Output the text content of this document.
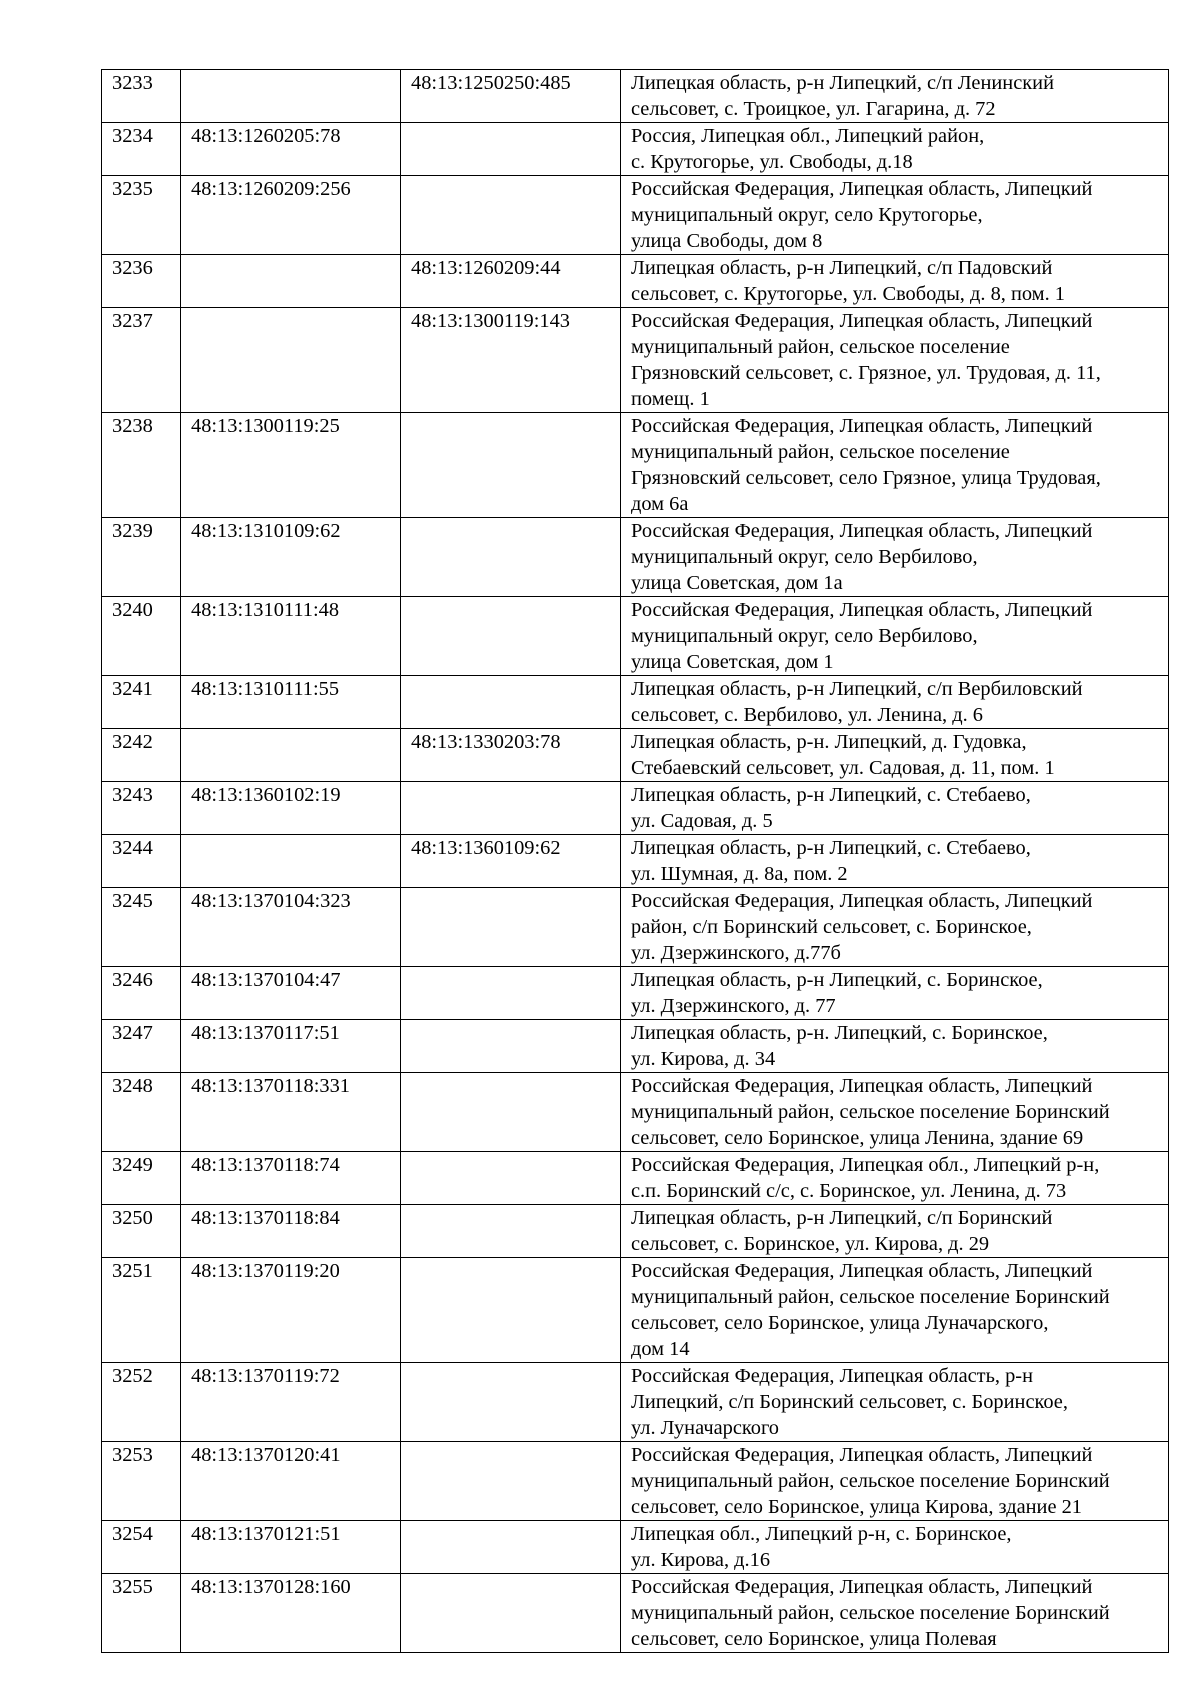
3233		48:13:1250250:485	Липецкая область, р-н Липецкий, с/п Ленинский
сельсовет, с. Троицкое, ул. Гагарина, д. 72
3234	48:13:1260205:78		Россия, Липецкая обл., Липецкий район,
с. Крутогорье, ул. Свободы, д.18
3235	48:13:1260209:256		Российская Федерация, Липецкая область, Липецкий
муниципальный округ, село Крутогорье,
улица Свободы, дом 8
3236		48:13:1260209:44	Липецкая область, р-н Липецкий, с/п Падовский
сельсовет, с. Крутогорье, ул. Свободы, д. 8, пом. 1
3237		48:13:1300119:143	Российская Федерация, Липецкая область, Липецкий
муниципальный район, сельское поселение
Грязновский сельсовет, с. Грязное, ул. Трудовая, д. 11,
помещ. 1
3238	48:13:1300119:25		Российская Федерация, Липецкая область, Липецкий
муниципальный район, сельское поселение
Грязновский сельсовет, село Грязное, улица Трудовая,
дом 6а
3239	48:13:1310109:62		Российская Федерация, Липецкая область, Липецкий
муниципальный округ, село Вербилово,
улица Советская, дом 1а
3240	48:13:1310111:48		Российская Федерация, Липецкая область, Липецкий
муниципальный округ, село Вербилово,
улица Советская, дом 1
3241	48:13:1310111:55		Липецкая область, р-н Липецкий, с/п Вербиловский
сельсовет, с. Вербилово, ул. Ленина, д. 6
3242		48:13:1330203:78	Липецкая область, р-н. Липецкий, д. Гудовка,
Стебаевский сельсовет, ул. Садовая, д. 11, пом. 1
3243	48:13:1360102:19		Липецкая область, р-н Липецкий, с. Стебаево,
ул. Садовая, д. 5
3244		48:13:1360109:62	Липецкая область, р-н Липецкий, с. Стебаево,
ул. Шумная, д. 8а, пом. 2
3245	48:13:1370104:323		Российская Федерация, Липецкая область, Липецкий
район, с/п Боринский сельсовет, с. Боринское,
ул. Дзержинского, д.77б
3246	48:13:1370104:47		Липецкая область, р-н Липецкий, с. Боринское,
ул. Дзержинского, д. 77
3247	48:13:1370117:51		Липецкая область, р-н. Липецкий, с. Боринское,
ул. Кирова, д. 34
3248	48:13:1370118:331		Российская Федерация, Липецкая область, Липецкий
муниципальный район, сельское поселение Боринский
сельсовет, село Боринское, улица Ленина, здание 69
3249	48:13:1370118:74		Российская Федерация, Липецкая обл., Липецкий р-н,
с.п. Боринский с/с, с. Боринское, ул. Ленина, д. 73
3250	48:13:1370118:84		Липецкая область, р-н Липецкий, с/п Боринский
сельсовет, с. Боринское, ул. Кирова, д. 29
3251	48:13:1370119:20		Российская Федерация, Липецкая область, Липецкий
муниципальный район, сельское поселение Боринский
сельсовет, село Боринское, улица Луначарского,
дом 14
3252	48:13:1370119:72		Российская Федерация, Липецкая область, р-н
Липецкий, с/п Боринский сельсовет, с. Боринское,
ул. Луначарского
3253	48:13:1370120:41		Российская Федерация, Липецкая область, Липецкий
муниципальный район, сельское поселение Боринский
сельсовет, село Боринское, улица Кирова, здание 21
3254	48:13:1370121:51		Липецкая обл., Липецкий р-н, с. Боринское,
ул. Кирова, д.16
3255	48:13:1370128:160		Российская Федерация, Липецкая область, Липецкий
муниципальный район, сельское поселение Боринский
сельсовет, село Боринское, улица Полевая
